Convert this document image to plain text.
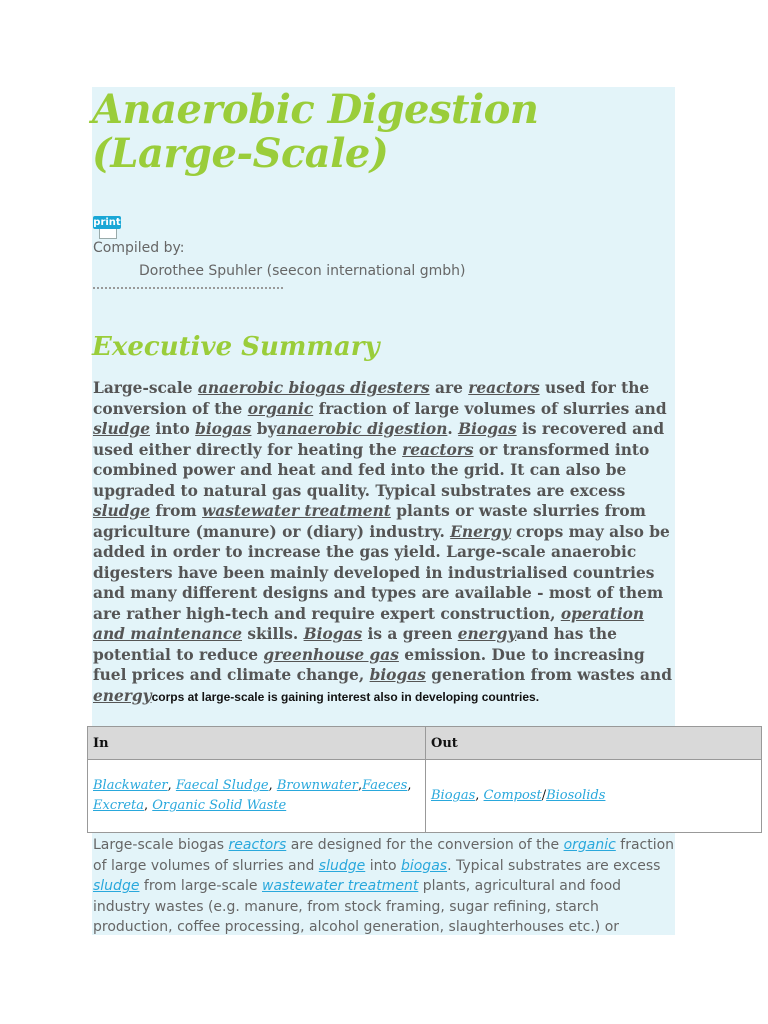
Anaerobic Digestion
(Large-Scale)
print

Compiled by:

Dorothee Spuhler (seecon international gmbh)

Executive Summary

Large-scale anaerobic biogas digesters are reactors used for the conversion of the organic fraction of large volumes of slurries and sludge into biogas byanaerobic digestion. Biogas is recovered and used either directly for heating the reactors or transformed into combined power and heat and fed into the grid. It can also be upgraded to natural gas quality. Typical substrates are excess sludge from wastewater treatment plants or waste slurries from agriculture (manure) or (diary) industry. Energy crops may also be added in order to increase the gas yield. Large-scale anaerobic digesters have been mainly developed in industrialised countries and many different designs and types are available - most of them are rather high-tech and require expert construction, operation and maintenance skills. Biogas is a green energyand has the potential to reduce greenhouse gas emission. Due to increasing fuel prices and climate change, biogas generation from wastes and energycorps at large-scale is gaining interest also in developing countries.

In	Out
Blackwater, Faecal Sludge, Brownwater,Faeces, Excreta, Organic Solid Waste	Biogas, Compost/Biosolids

Large-scale biogas reactors are designed for the conversion of the organic fraction of large volumes of slurries and sludge into biogas. Typical substrates are excess sludge from large-scale wastewater treatment plants, agricultural and food industry wastes (e.g. manure, from stock framing, sugar refining, starch production, coffee processing, alcohol generation, slaughterhouses etc.) or
